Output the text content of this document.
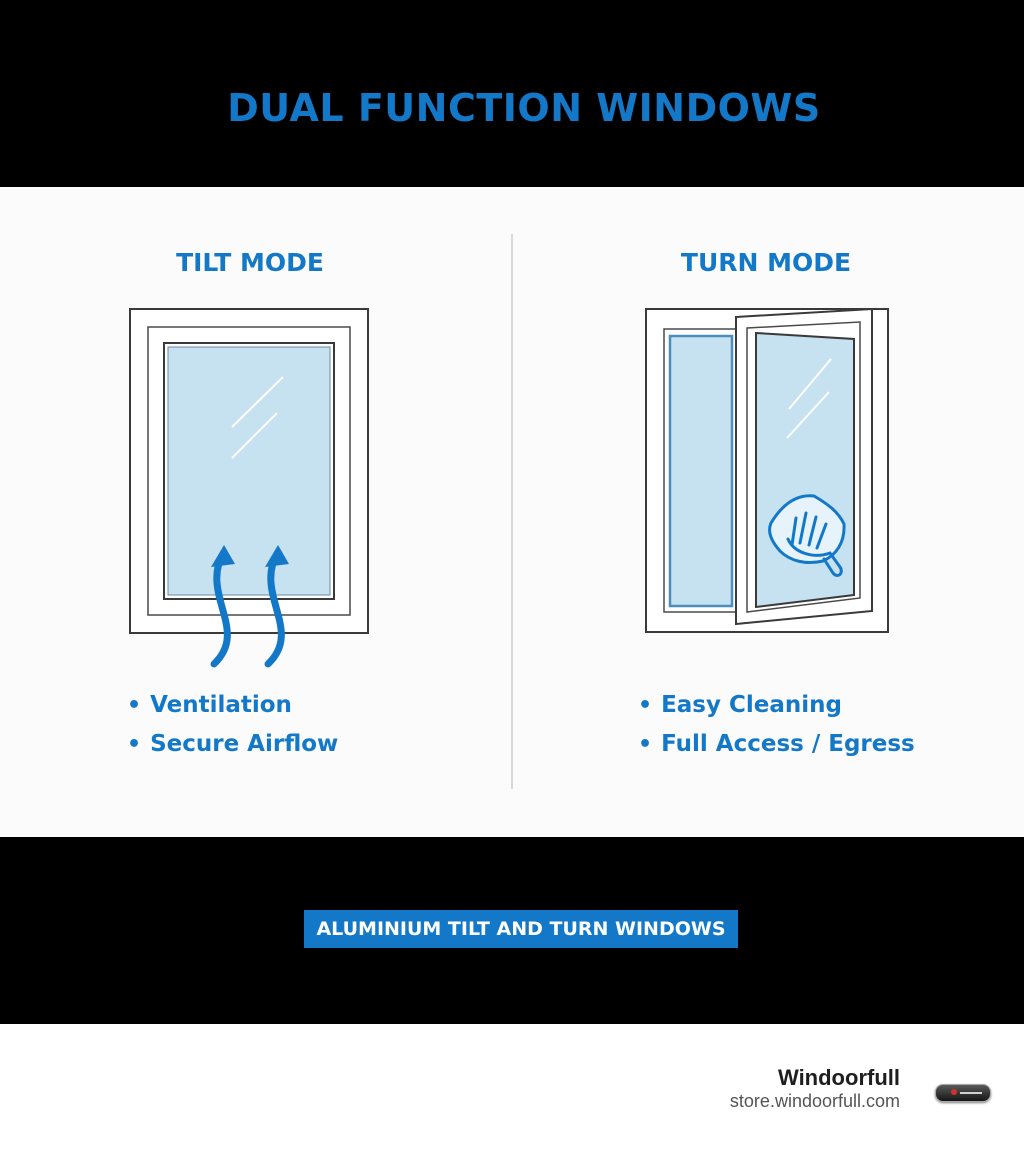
DUAL FUNCTION WINDOWS
TILT MODE	TURN MODE
• Ventilation
• Secure Airflow
• Easy Cleaning
• Full Access / Egress

ALUMINIUM TILT AND TURN WINDOWS

Windoorfull
store.windoorfull.com
